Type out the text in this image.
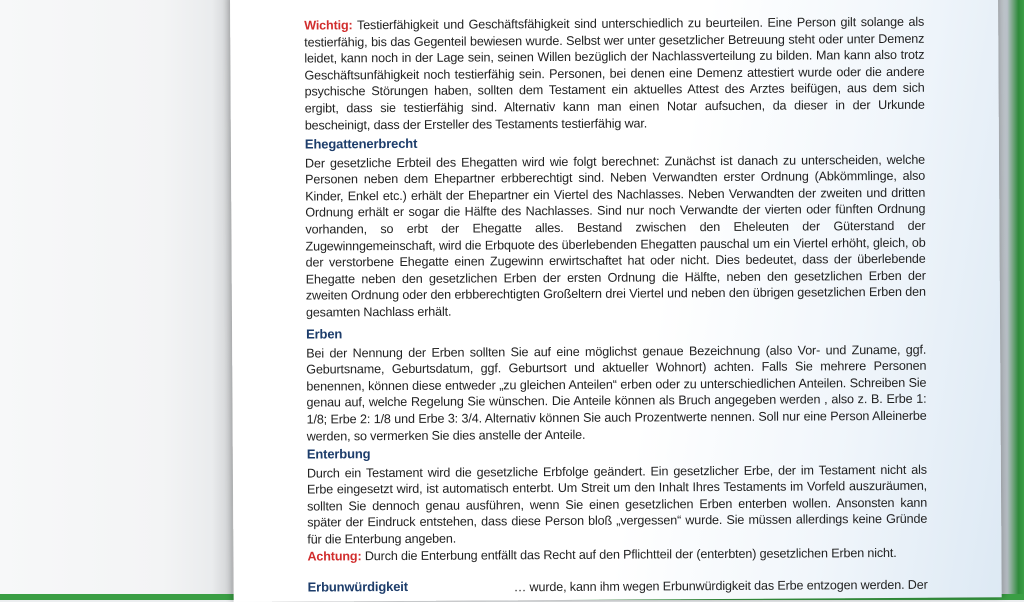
Wichtig: Testierfähigkeit und Geschäftsfähigkeit sind unterschiedlich zu beurteilen. Eine Person gilt solange als testierfähig, bis das Gegenteil bewiesen wurde. Selbst wer unter gesetzlicher Betreuung steht oder unter Demenz leidet, kann noch in der Lage sein, seinen Willen bezüglich der Nachlassverteilung zu bilden. Man kann also trotz Geschäftsunfähigkeit noch testierfähig sein. Personen, bei denen eine Demenz attestiert wurde oder die andere psychische Störungen haben, sollten dem Testament ein aktuelles Attest des Arztes beifügen, aus dem sich ergibt, dass sie testierfähig sind. Alternativ kann man einen Notar aufsuchen, da dieser in der Urkunde bescheinigt, dass der Ersteller des Testaments testierfähig war.

Ehegattenerbrecht

Der gesetzliche Erbteil des Ehegatten wird wie folgt berechnet: Zunächst ist danach zu unterscheiden, welche Personen neben dem Ehepartner erbberechtigt sind. Neben Verwandten erster Ordnung (Abkömmlinge, also Kinder, Enkel etc.) erhält der Ehepartner ein Viertel des Nachlasses. Neben Verwandten der zweiten und dritten Ordnung erhält er sogar die Hälfte des Nachlasses. Sind nur noch Verwandte der vierten oder fünften Ordnung vorhanden, so erbt der Ehegatte alles. Bestand zwischen den Eheleuten der Güterstand der Zugewinngemeinschaft, wird die Erbquote des überlebenden Ehegatten pauschal um ein Viertel erhöht, gleich, ob der verstorbene Ehegatte einen Zugewinn erwirtschaftet hat oder nicht. Dies bedeutet, dass der überlebende Ehegatte neben den gesetzlichen Erben der ersten Ordnung die Hälfte, neben den gesetzlichen Erben der zweiten Ordnung oder den erbberechtigten Großeltern drei Viertel und neben den übrigen gesetzlichen Erben den gesamten Nachlass erhält.

Erben

Bei der Nennung der Erben sollten Sie auf eine möglichst genaue Bezeichnung (also Vor- und Zuname, ggf. Geburtsname, Geburtsdatum, ggf. Geburtsort und aktueller Wohnort) achten. Falls Sie mehrere Personen benennen, können diese entweder „zu gleichen Anteilen“ erben oder zu unterschiedlichen Anteilen. Schreiben Sie genau auf, welche Regelung Sie wünschen. Die Anteile können als Bruch angegeben werden , also z. B. Erbe 1: 1/8; Erbe 2: 1/8 und Erbe 3: 3/4. Alternativ können Sie auch Prozentwerte nennen. Soll nur eine Person Alleinerbe werden, so vermerken Sie dies anstelle der Anteile.

Enterbung

Durch ein Testament wird die gesetzliche Erbfolge geändert. Ein gesetzlicher Erbe, der im Testament nicht als Erbe eingesetzt wird, ist automatisch enterbt. Um Streit um den Inhalt Ihres Testaments im Vorfeld auszuräumen, sollten Sie dennoch genau ausführen, wenn Sie einen gesetzlichen Erben enterben wollen. Ansonsten kann später der Eindruck entstehen, dass diese Person bloß „vergessen“ wurde. Sie müssen allerdings keine Gründe für die Enterbung angeben.

Achtung: Durch die Enterbung entfällt das Recht auf den Pflichtteil der (enterbten) gesetzlichen Erben nicht.

Erbunwürdigkeit	… wurde, kann ihm wegen Erbunwürdigkeit das Erbe entzogen werden. Der
